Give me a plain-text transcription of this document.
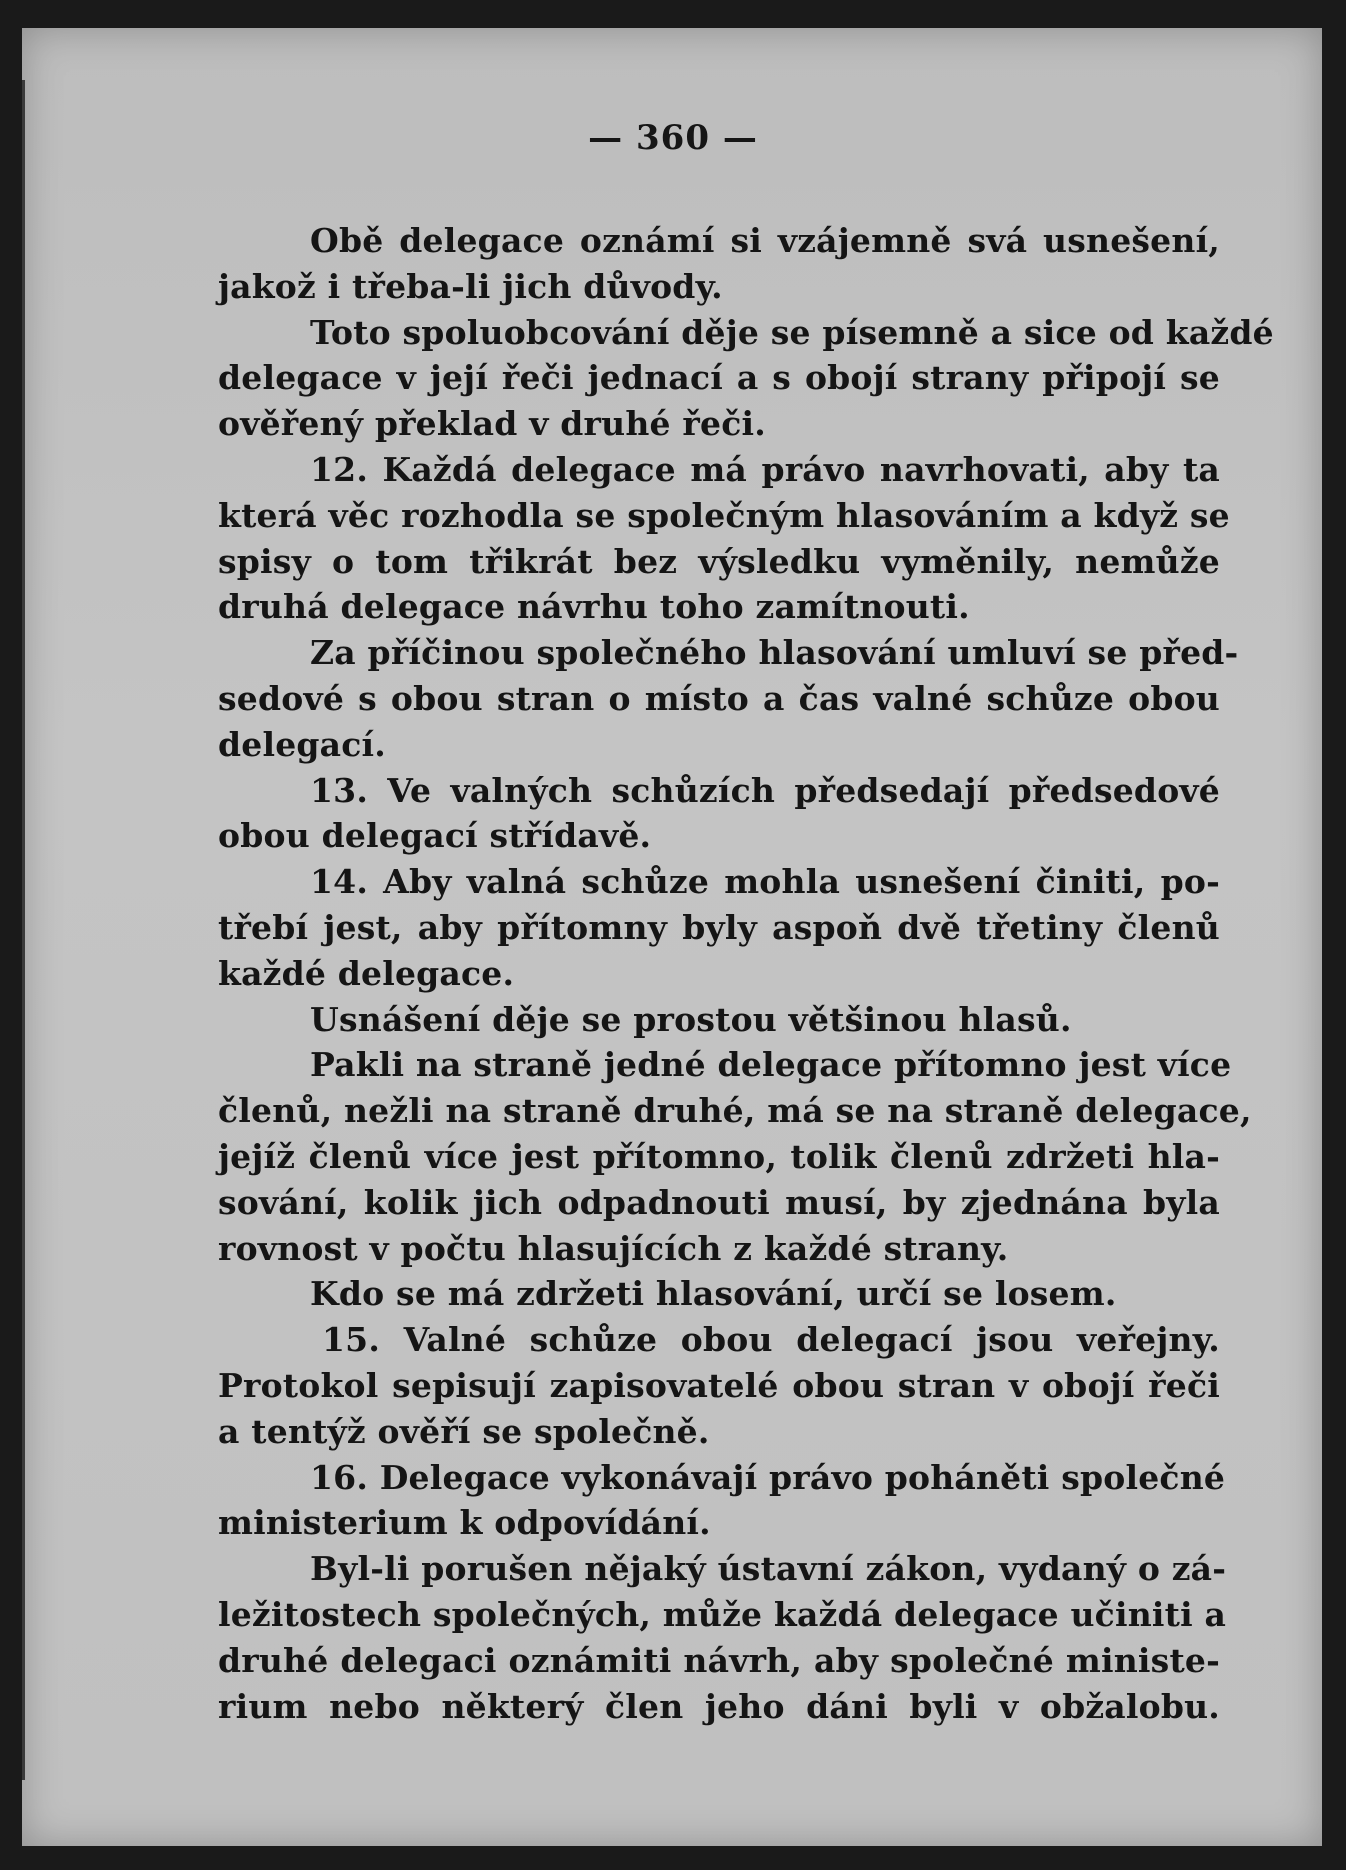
— 360 —
Obě delegace oznámí si vzájemně svá usnešení,
jakož i třeba-li jich důvody.
Toto spoluobcování děje se písemně a sice od každé
delegace v její řeči jednací a s obojí strany připojí se
ověřený překlad v druhé řeči.
12. Každá delegace má právo navrhovati, aby ta
která věc rozhodla se společným hlasováním a když se
spisy o tom třikrát bez výsledku vyměnily, nemůže
druhá delegace návrhu toho zamítnouti.
Za příčinou společného hlasování umluví se před-
sedové s obou stran o místo a čas valné schůze obou
delegací.
13. Ve valných schůzích předsedají předsedové
obou delegací střídavě.
14. Aby valná schůze mohla usnešení činiti, po-
třebí jest, aby přítomny byly aspoň dvě třetiny členů
každé delegace.
Usnášení děje se prostou většinou hlasů.
Pakli na straně jedné delegace přítomno jest více
členů, nežli na straně druhé, má se na straně delegace,
jejíž členů více jest přítomno, tolik členů zdržeti hla-
sování, kolik jich odpadnouti musí, by zjednána byla
rovnost v počtu hlasujících z každé strany.
Kdo se má zdržeti hlasování, určí se losem.
15. Valné schůze obou delegací jsou veřejny.
Protokol sepisují zapisovatelé obou stran v obojí řeči
a tentýž ověří se společně.
16. Delegace vykonávají právo poháněti společné
ministerium k odpovídání.
Byl-li porušen nějaký ústavní zákon, vydaný o zá-
ležitostech společných, může každá delegace učiniti a
druhé delegaci oznámiti návrh, aby společné ministe-
rium nebo některý člen jeho dáni byli v obžalobu.
